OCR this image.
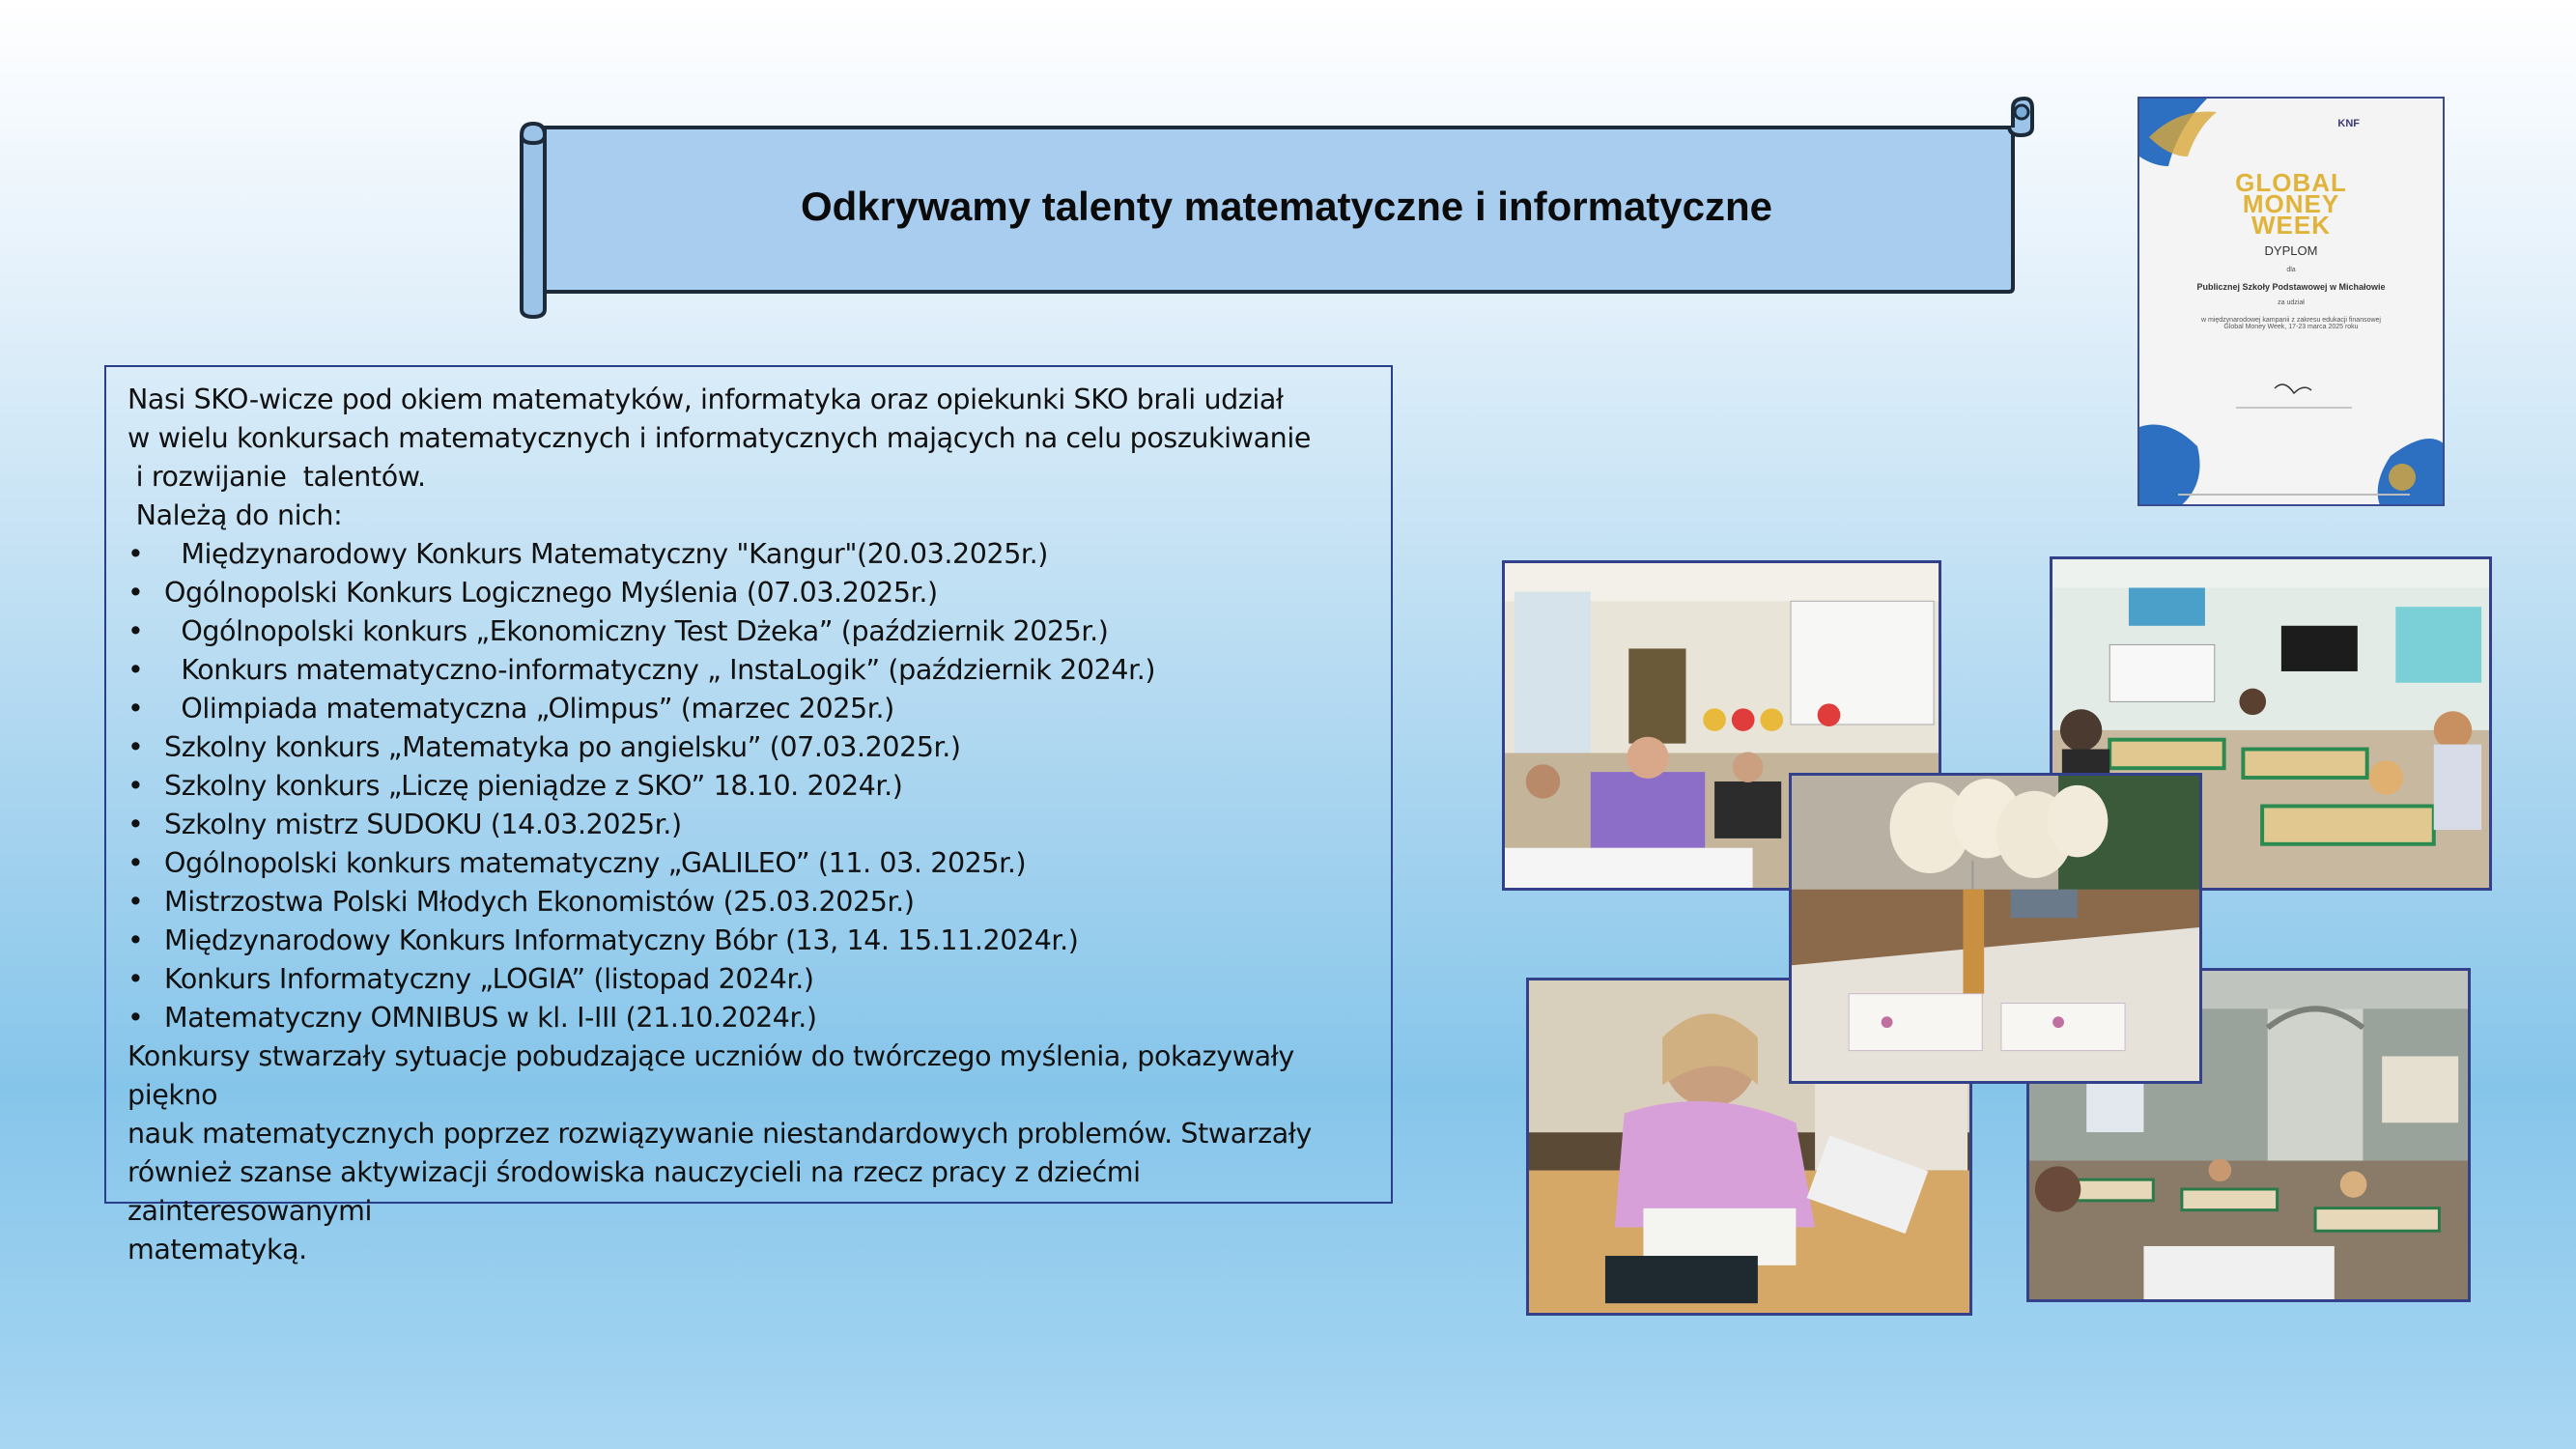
Odkrywamy talenty matematyczne i informatyczne

Nasi SKO-wicze pod okiem matematyków, informatyka oraz opiekunki SKO brali udział

w wielu konkursach matematycznych i informatycznych mających na celu poszukiwanie

i rozwijanie  talentów.

Należą do nich:

• Międzynarodowy Konkurs Matematyczny "Kangur"(20.03.2025r.)
• Ogólnopolski Konkurs Logicznego Myślenia (07.03.2025r.)
• Ogólnopolski konkurs „Ekonomiczny Test Dżeka” (październik 2025r.)
• Konkurs matematyczno-informatyczny „ InstaLogik” (październik 2024r.)
• Olimpiada matematyczna „Olimpus” (marzec 2025r.)
• Szkolny konkurs „Matematyka po angielsku” (07.03.2025r.)
• Szkolny konkurs „Liczę pieniądze z SKO” 18.10. 2024r.)
• Szkolny mistrz SUDOKU (14.03.2025r.)
• Ogólnopolski konkurs matematyczny „GALILEO” (11. 03. 2025r.)
• Mistrzostwa Polski Młodych Ekonomistów (25.03.2025r.)
• Międzynarodowy Konkurs Informatyczny Bóbr (13, 14. 15.11.2024r.)
• Konkurs Informatyczny „LOGIA” (listopad 2024r.)
• Matematyczny OMNIBUS w kl. I-III (21.10.2024r.)

Konkursy stwarzały sytuacje pobudzające uczniów do twórczego myślenia, pokazywały piękno

nauk matematycznych poprzez rozwiązywanie niestandardowych problemów. Stwarzały

również szanse aktywizacji środowiska nauczycieli na rzecz pracy z dziećmi zainteresowanymi

matematyką.

KNF
GLOBAL
MONEY
WEEK
DYPLOM
dla
Publicznej Szkoły Podstawowej w Michałowie
za udział
w międzynarodowej kampanii z zakresu edukacji finansowej
Global Money Week, 17-23 marca 2025 roku
